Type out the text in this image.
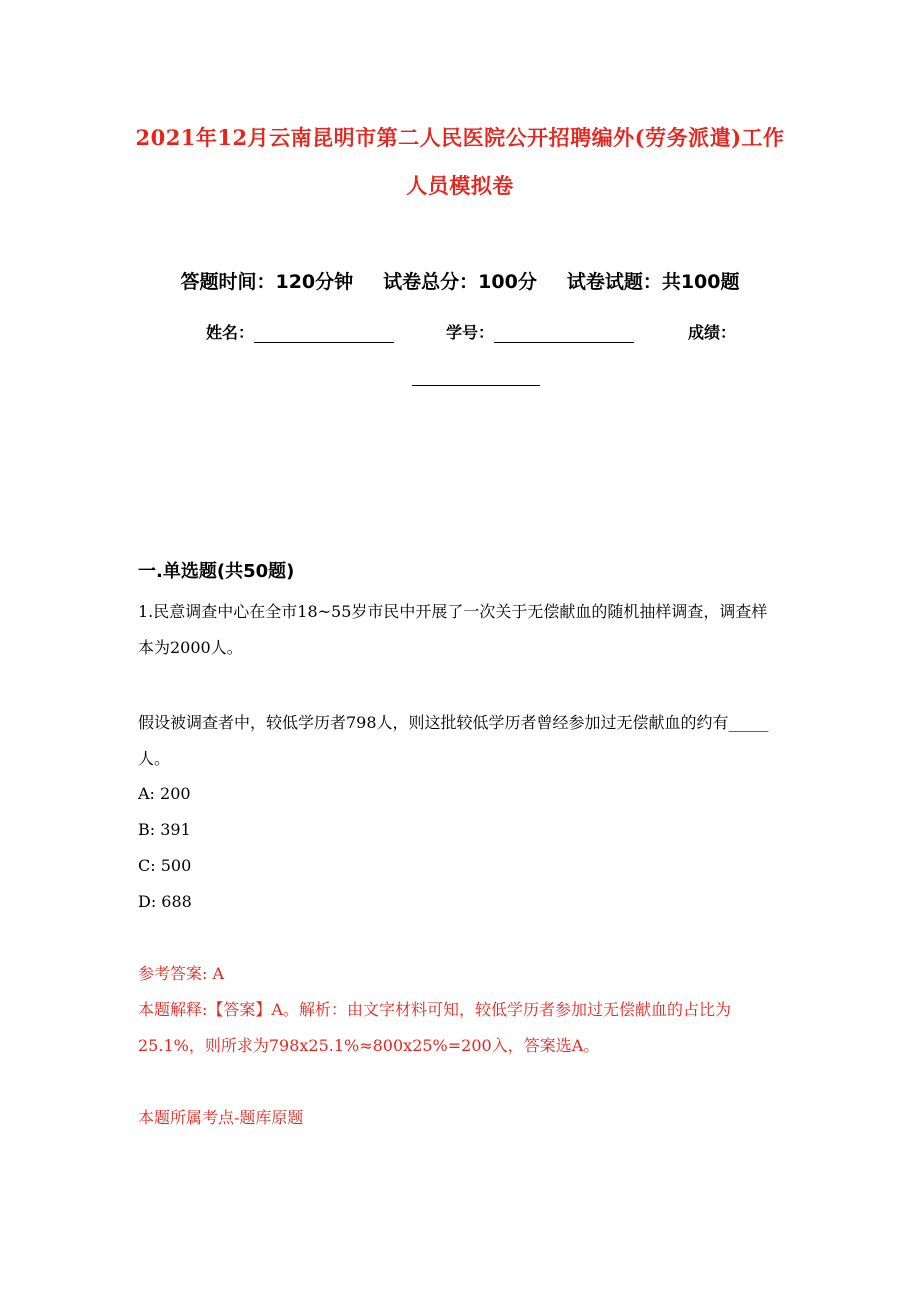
2021年12月云南昆明市第二人民医院公开招聘编外(劳务派遣)工作
人员模拟卷
答题时间：120分钟 试卷总分：100分 试卷试题：共100题
姓名：	学号：	成绩：
一.单选题(共50题)
1.民意调查中心在全市18~55岁市民中开展了一次关于无偿献血的随机抽样调查，调查样本为2000人。
假设被调查者中，较低学历者798人，则这批较低学历者曾经参加过无偿献血的约有_____人。
A: 200
B: 391
C: 500
D: 688
参考答案: A
本题解释:【答案】A。解析：由文字材料可知，较低学历者参加过无偿献血的占比为25.1%，则所求为798x25.1%≈800x25%=200入，答案选A。
本题所属考点-题库原题
